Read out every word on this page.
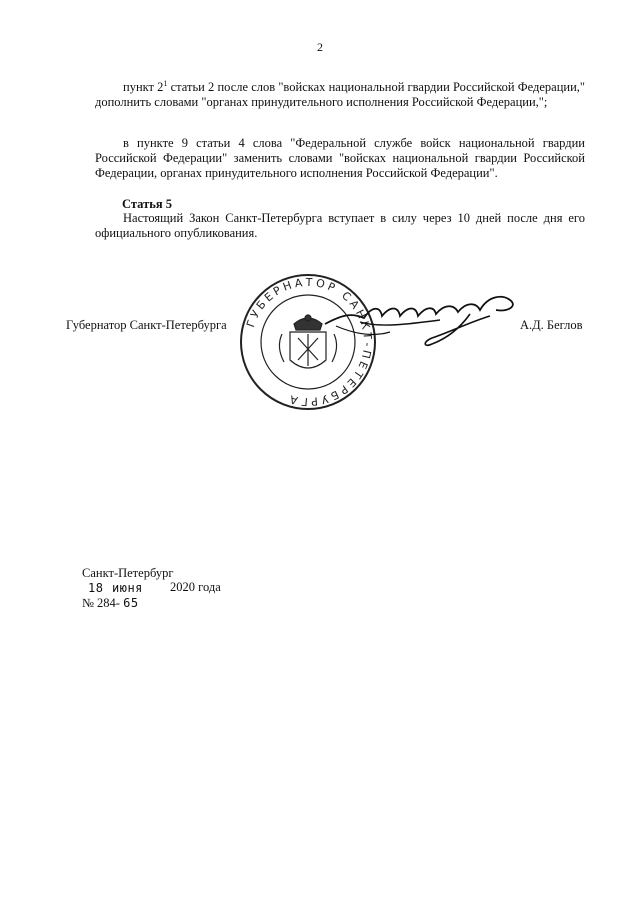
2

пункт $2^1$ статьи 2 после слов "войсках национальной гвардии Российской Федерации," дополнить словами "органах принудительного исполнения Российской Федерации,";

в пункте 9 статьи 4 слова "Федеральной службе войск национальной гвардии Российской Федерации" заменить словами "войсках национальной гвардии Российской Федерации, органах принудительного исполнения Российской Федерации".

Статья 5

Настоящий Закон Санкт-Петербурга вступает в силу через 10 дней после дня его официального опубликования.

Губернатор Санкт-Петербурга ГУБЕРНАТОР САНКТ-ПЕТЕРБУРГА
А.Д. Беглов
Санкт-Петербург
18 июня 2020 года
№ 284- 65
